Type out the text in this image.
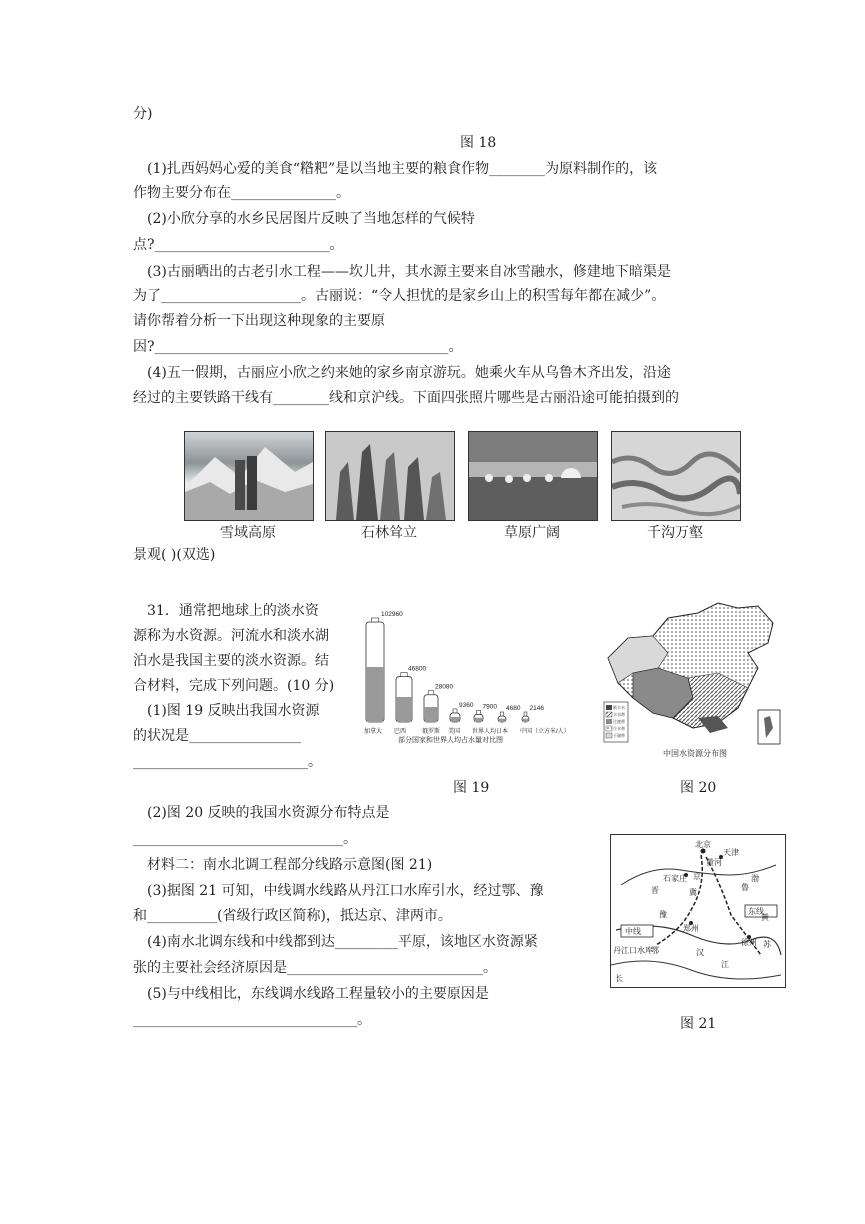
分)
图 18
(1)扎西妈妈心爱的美食“糌粑”是以当地主要的粮食作物________为原料制作的，该
作物主要分布在_______________。
(2)小欣分享的水乡民居图片反映了当地怎样的气候特
点?_________________________。
(3)古丽晒出的古老引水工程——坎儿井，其水源主要来自冰雪融水，修建地下暗渠是
为了____________________。古丽说：“令人担忧的是家乡山上的积雪每年都在减少”。
请你帮着分析一下出现这种现象的主要原
因?__________________________________________。
(4)五一假期，古丽应小欣之约来她的家乡南京游玩。她乘火车从乌鲁木齐出发，沿途
经过的主要铁路干线有________线和京沪线。下面四张照片哪些是古丽沿途可能拍摄到的
雪域高原	石林耸立	草原广阔	千沟万壑
景观( )(双选)
31．通常把地球上的淡水资
源称为水资源。河流水和淡水湖
泊水是我国主要的淡水资源。结
合材料，完成下列问题。(10 分)
(1)图 19 反映出我国水资源
的状况是________________
_________________________。
102960
加拿大
46800
巴西
28080
俄罗斯
9360
美国
7900
世界人均
4680
日本
2146
中国（立方米/人）
部分国家和世界人均占水量对比图
图 19
极丰水
丰水带
过渡带
少水带
干涸带
中国水资源分布图
图 20
(2)图 20 反映的我国水资源分布特点是
______________________________。
材料二：南水北调工程部分线路示意图(图 21)
(3)据图 21 可知，中线调水线路从丹江口水库引水，经过鄂、豫
和__________(省级行政区简称)，抵达京、津两市。
(4)南水北调东线和中线都到达_________平原，该地区水资源紧
张的主要社会经济原因是____________________________。
(5)与中线相比，东线调水线路工程量较小的主要原因是
________________________________。
北京
天津
石家庄 京
冀
晋	鲁
渤
黄
豫
郑州
黄河
中线
东线
徐州
丹江口水库
鄂	汉
江
苏
长
图 21
